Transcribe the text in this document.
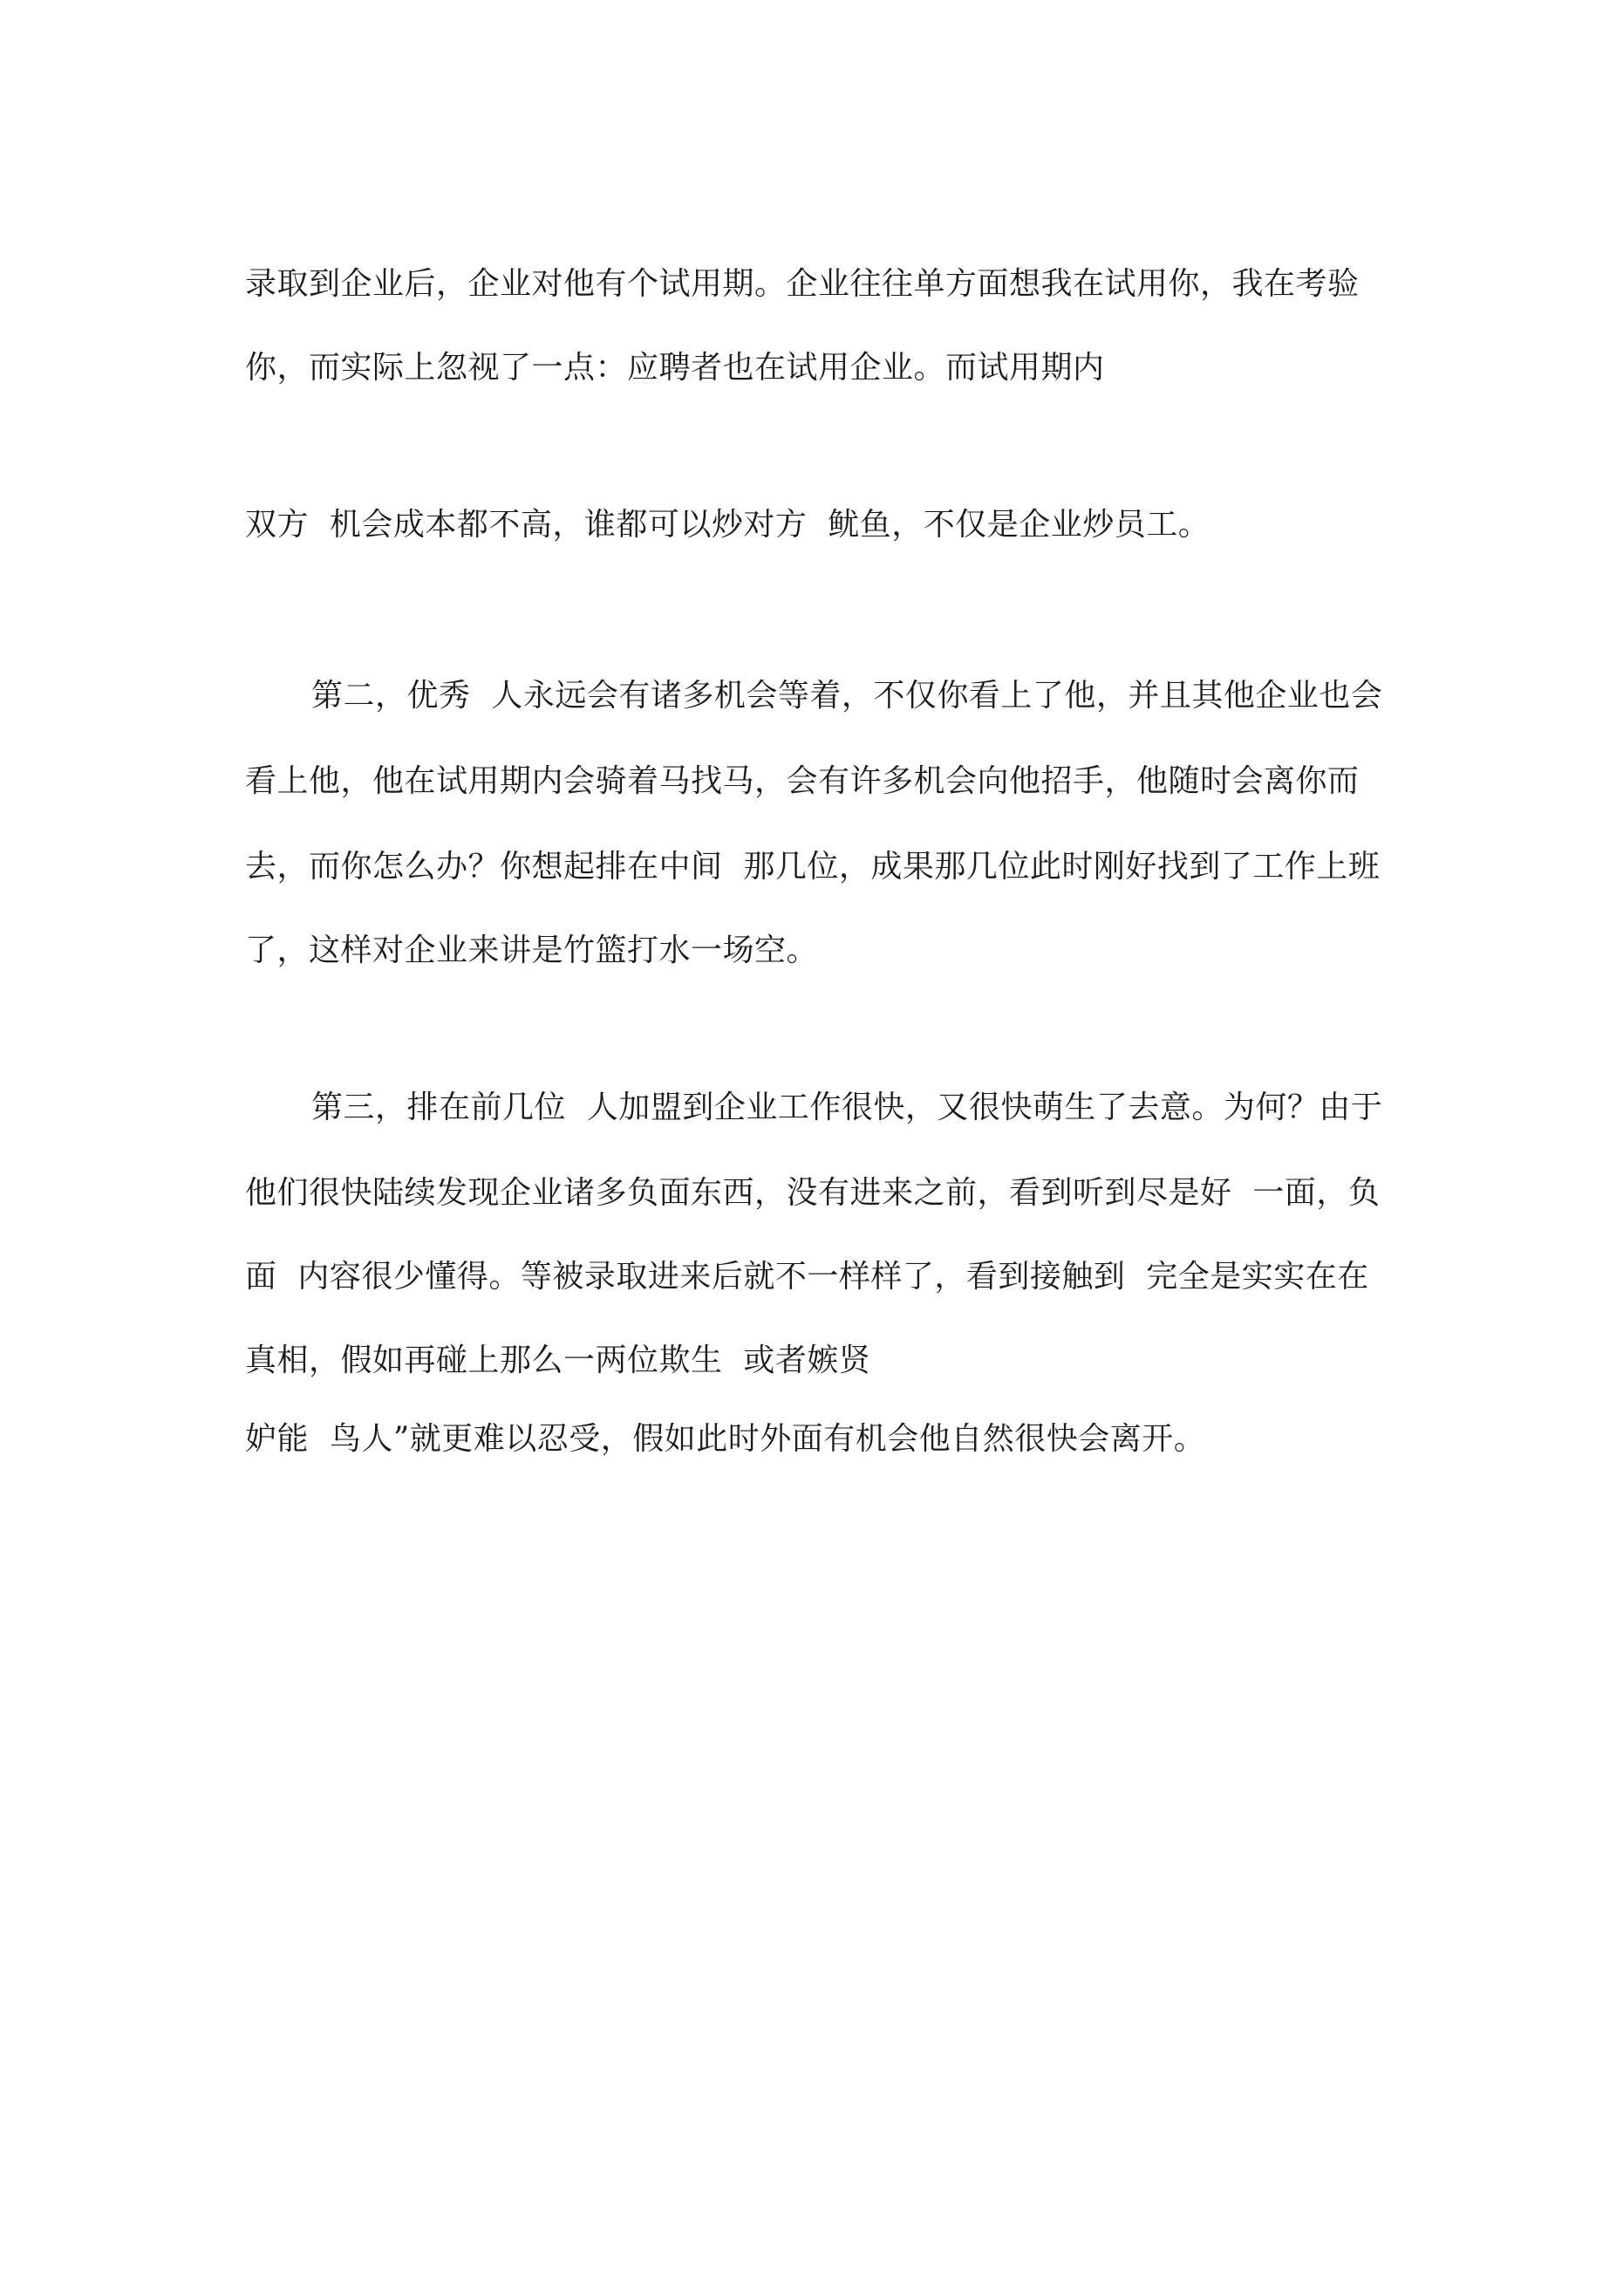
录取到企业后，企业对他有个试用期。企业往往单方面想我在试用你，我在考验
你，而实际上忽视了一点：应聘者也在试用企业。而试用期内
双方  机会成本都不高，谁都可以炒对方  鱿鱼，不仅是企业炒员工。
第二，优秀  人永远会有诸多机会等着，不仅你看上了他，并且其他企业也会
看上他，他在试用期内会骑着马找马，会有许多机会向他招手，他随时会离你而
去，而你怎么办？你想起排在中间  那几位，成果那几位此时刚好找到了工作上班
了，这样对企业来讲是竹篮打水一场空。
第三，排在前几位  人加盟到企业工作很快，又很快萌生了去意。为何？由于
他们很快陆续发现企业诸多负面东西，没有进来之前，看到听到尽是好  一面，负
面  内容很少懂得。等被录取进来后就不一样样了，看到接触到  完全是实实在在
真相，假如再碰上那么一两位欺生  或者嫉贤
妒能  鸟人”就更难以忍受，假如此时外面有机会他自然很快会离开。
